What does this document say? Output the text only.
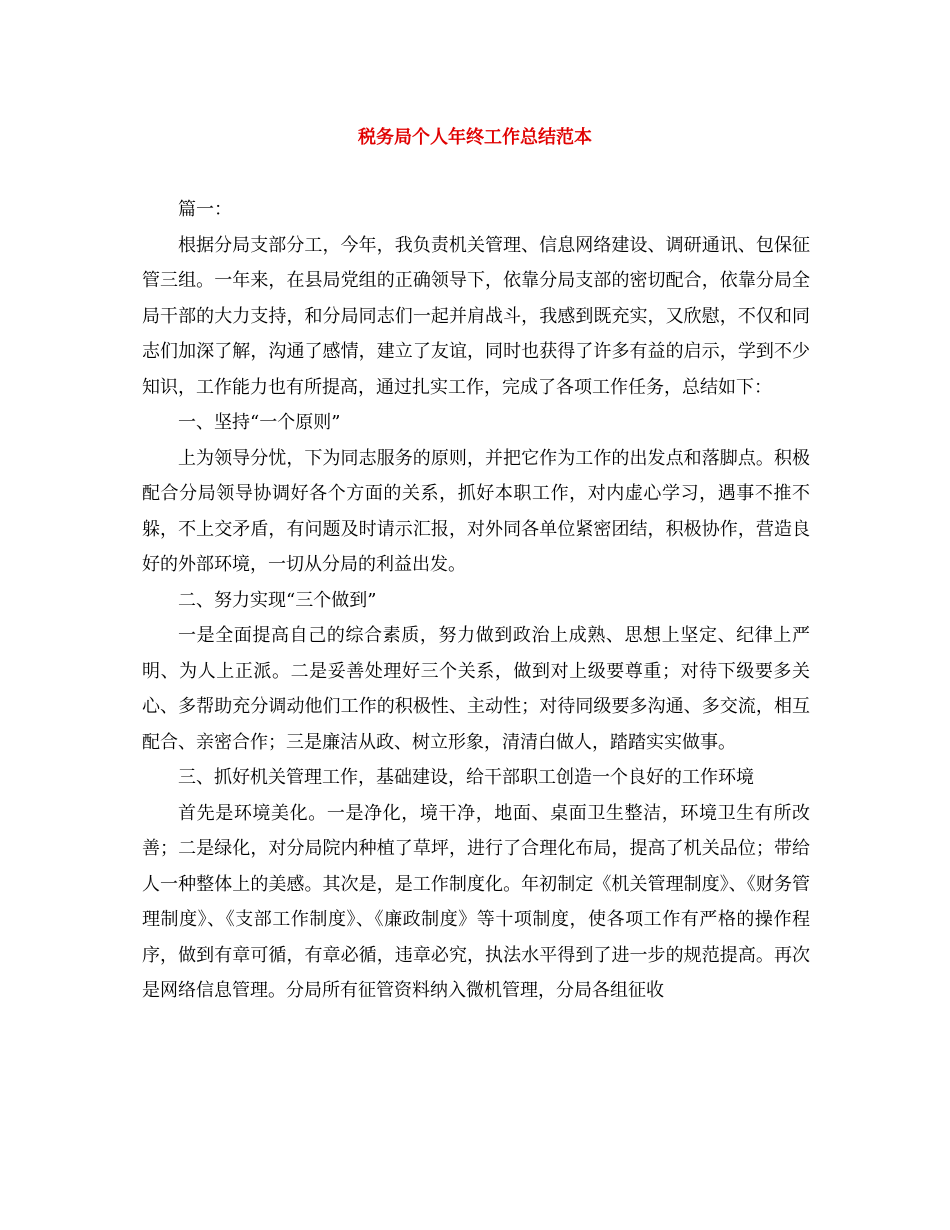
税务局个人年终工作总结范本

篇一：

根据分局支部分工，今年，我负责机关管理、信息网络建设、调研通讯、包保征管三组。一年来，在县局党组的正确领导下，依靠分局支部的密切配合，依靠分局全局干部的大力支持，和分局同志们一起并肩战斗，我感到既充实，又欣慰，不仅和同志们加深了解，沟通了感情，建立了友谊，同时也获得了许多有益的启示，学到不少知识，工作能力也有所提高，通过扎实工作，完成了各项工作任务，总结如下：

一、坚持“一个原则”

上为领导分忧，下为同志服务的原则，并把它作为工作的出发点和落脚点。积极配合分局领导协调好各个方面的关系，抓好本职工作，对内虚心学习，遇事不推不躲，不上交矛盾，有问题及时请示汇报，对外同各单位紧密团结，积极协作，营造良好的外部环境，一切从分局的利益出发。

二、努力实现“三个做到”

一是全面提高自己的综合素质，努力做到政治上成熟、思想上坚定、纪律上严明、为人上正派。二是妥善处理好三个关系，做到对上级要尊重；对待下级要多关心、多帮助充分调动他们工作的积极性、主动性；对待同级要多沟通、多交流，相互配合、亲密合作；三是廉洁从政、树立形象，清清白做人，踏踏实实做事。

三、抓好机关管理工作，基础建设，给干部职工创造一个良好的工作环境

首先是环境美化。一是净化，境干净，地面、桌面卫生整洁，环境卫生有所改善；二是绿化，对分局院内种植了草坪，进行了合理化布局，提高了机关品位；带给人一种整体上的美感。其次是，是工作制度化。年初制定《机关管理制度》、《财务管理制度》、《支部工作制度》、《廉政制度》等十项制度，使各项工作有严格的操作程序，做到有章可循，有章必循，违章必究，执法水平得到了进一步的规范提高。再次是网络信息管理。分局所有征管资料纳入微机管理，分局各组征收
